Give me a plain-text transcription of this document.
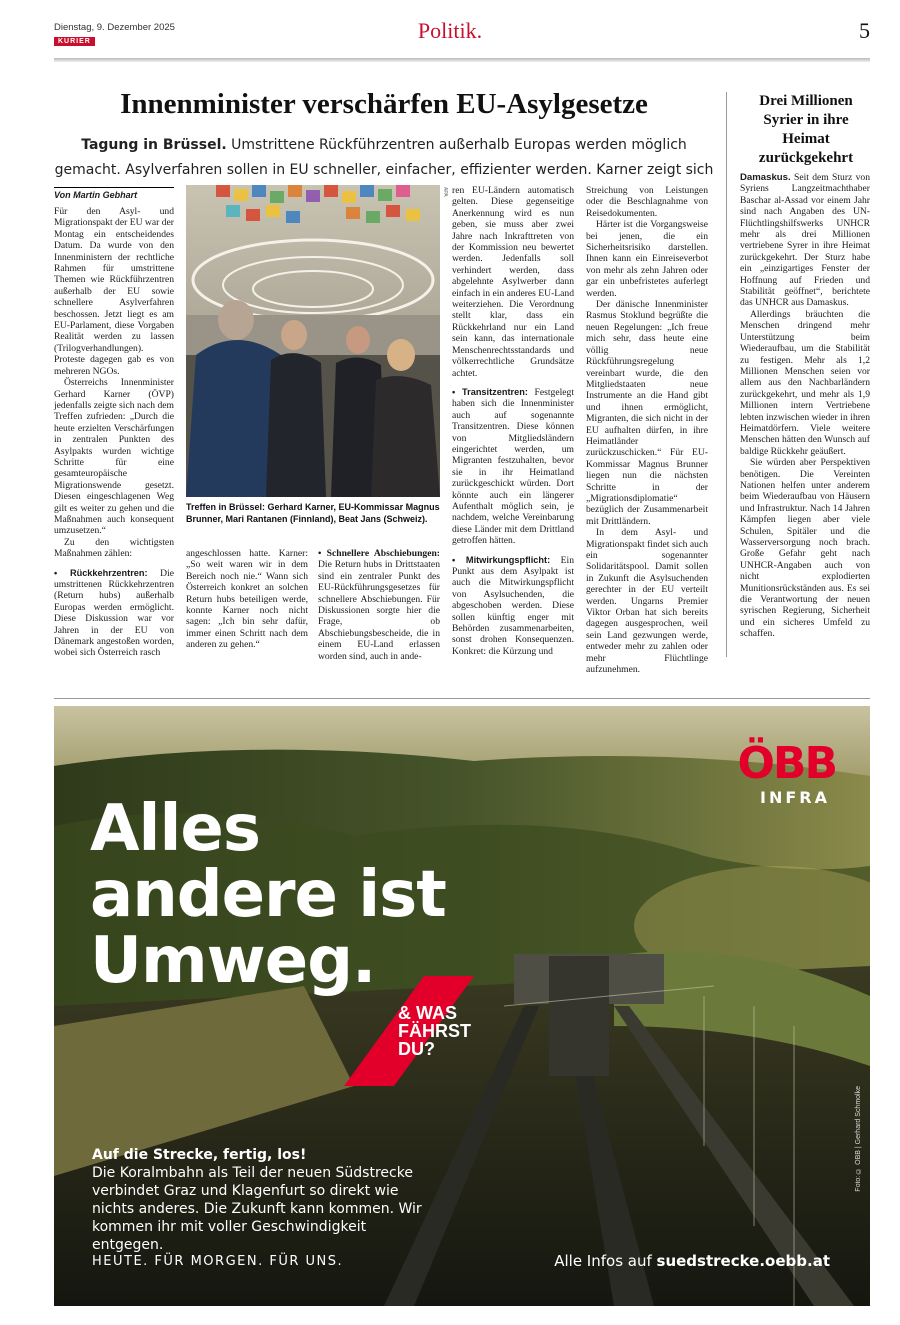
Dienstag, 9. Dezember 2025
KURIER	Politik.	5
Innenminister verschärfen EU-Asylgesetze
Tagung in Brüssel. Umstrittene Rückführzentren außerhalb Europas werden möglich gemacht. Asylverfahren sollen in EU schneller, einfacher, effizienter werden. Karner zeigt sich
Von Martin Gebhart

Für den Asyl- und Migrationspakt der EU war der Montag ein entscheidendes Datum. Da wurde von den Innenministern der rechtliche Rahmen für umstrittene Themen wie Rückführzentren außerhalb der EU sowie schnellere Asylverfahren beschossen. Jetzt liegt es am EU-Parlament, diese Vorgaben Realität werden zu lassen (Trilogverhandlungen). Proteste dagegen gab es von mehreren NGOs.

Österreichs Innenminister Gerhard Karner (ÖVP) jedenfalls zeigte sich nach dem Treffen zufrieden: „Durch die heute erzielten Verschärfungen in zentralen Punkten des Asylpakts wurden wichtige Schritte für eine gesamteuropäische Migrationswende gesetzt. Diesen eingeschlagenen Weg gilt es weiter zu gehen und die Maßnahmen auch konsequent umzusetzen.“

Zu den wichtigsten Maßnahmen zählen:

• Rückkehrzentren: Die umstrittenen Rückkehrzentren (Return hubs) außerhalb Europas werden ermöglicht. Diese Diskussion war vor Jahren in der EU von Dänemark angestoßen worden, wobei sich Österreich rasch

APA
Treffen in Brüssel: Gerhard Karner, EU-Kommissar Magnus Brunner, Mari Rantanen (Finnland), Beat Jans (Schweiz).

angeschlossen hatte. Karner: „So weit waren wir in dem Bereich noch nie.“ Wann sich Österreich konkret an solchen Return hubs beteiligen werde, konnte Karner noch nicht sagen: „Ich bin sehr dafür, immer einen Schritt nach dem anderen zu gehen.“

• Schnellere Abschiebungen: Die Return hubs in Drittstaaten sind ein zentraler Punkt des EU-Rückführungsgesetzes für schnellere Abschiebungen. Für Diskussionen sorgte hier die Frage, ob Abschiebungsbescheide, die in einem EU-Land erlassen worden sind, auch in ande-

ren EU-Ländern automatisch gelten. Diese gegenseitige Anerkennung wird es nun geben, sie muss aber zwei Jahre nach Inkrafttreten von der Kommission neu bewertet werden. Jedenfalls soll verhindert werden, dass abgelehnte Asylwerber dann einfach in ein anderes EU-Land weiterziehen. Die Verordnung stellt klar, dass ein Rückkehrland nur ein Land sein kann, das internationale Menschenrechtsstandards und völkerrechtliche Grundsätze achtet.

• Transitzentren: Festgelegt haben sich die Innenminister auch auf sogenannte Transitzentren. Diese können von Mitgliedsländern eingerichtet werden, um Migranten festzuhalten, bevor sie in ihr Heimatland zurückgeschickt würden. Dort könnte auch ein längerer Aufenthalt möglich sein, je nachdem, welche Vereinbarung diese Länder mit dem Drittland getroffen hätten.

• Mitwirkungspflicht: Ein Punkt aus dem Asylpakt ist auch die Mitwirkungspflicht von Asylsuchenden, die abgeschoben werden. Diese sollen künftig enger mit Behörden zusammenarbeiten, sonst drohen Konsequenzen. Konkret: die Kürzung und

Streichung von Leistungen oder die Beschlagnahme von Reisedokumenten.

Härter ist die Vorgangsweise bei jenen, die ein Sicherheitsrisiko darstellen. Ihnen kann ein Einreiseverbot von mehr als zehn Jahren oder gar ein unbefristetes auferlegt werden.

Der dänische Innenminister Rasmus Stoklund begrüßte die neuen Regelungen: „Ich freue mich sehr, dass heute eine völlig neue Rückführungsregelung vereinbart wurde, die den Mitgliedstaaten neue Instrumente an die Hand gibt und ihnen ermöglicht, Migranten, die sich nicht in der EU aufhalten dürfen, in ihre Heimatländer zurückzuschicken.“ Für EU-Kommissar Magnus Brunner liegen nun die nächsten Schritte in der „Migrationsdiplomatie“ bezüglich der Zusammenarbeit mit Drittländern.

In dem Asyl- und Migrationspakt findet sich auch ein sogenannter Solidaritätspool. Damit sollen in Zukunft die Asylsuchenden gerechter in der EU verteilt werden. Ungarns Premier Viktor Orban hat sich bereits dagegen ausgesprochen, weil sein Land gezwungen werde, entweder mehr zu zahlen oder mehr Flüchtlinge aufzunehmen.

Drei Millionen Syrier in ihre Heimat zurückgekehrt

Damaskus. Seit dem Sturz von Syriens Langzeitmachthaber Baschar al-Assad vor einem Jahr sind nach Angaben des UN-Flüchtlingshilfswerks UNHCR mehr als drei Millionen vertriebene Syrer in ihre Heimat zurückgekehrt. Der Sturz habe ein „einzigartiges Fenster der Hoffnung auf Frieden und Stabilität geöffnet“, berichtete das UNHCR aus Damaskus.

Allerdings bräuchten die Menschen dringend mehr Unterstützung beim Wiederaufbau, um die Stabilität zu festigen. Mehr als 1,2 Millionen Menschen seien vor allem aus den Nachbarländern zurückgekehrt, und mehr als 1,9 Millionen intern Vertriebene lebten inzwischen wieder in ihren Heimatdörfern. Viele weitere Menschen hätten den Wunsch auf baldige Rückkehr geäußert.

Sie würden aber Perspektiven benötigen. Die Vereinten Nationen helfen unter anderem beim Wiederaufbau von Häusern und Infrastruktur. Nach 14 Jahren Kämpfen liegen aber viele Schulen, Spitäler und die Wasserversorgung noch brach. Große Gefahr geht nach UNHCR-Angaben auch von nicht explodierten Munitionsrückständen aus. Es sei die Verantwortung der neuen syrischen Regierung, Sicherheit und ein sicheres Umfeld zu schaffen.

Alles
andere ist
Umweg.
& WAS
FÄHRST
DU?
ÖBB
INFRA
Auf die Strecke, fertig, los!
Die Koralmbahn als Teil der neuen Südstrecke verbindet Graz und Klagenfurt so direkt wie nichts anderes. Die Zukunft kann kommen. Wir kommen ihr mit voller Geschwindigkeit entgegen.
HEUTE. FÜR MORGEN. FÜR UNS.	Alle Infos auf suedstrecke.oebb.at
Foto: © ÖBB | Gerhard Schmolke
